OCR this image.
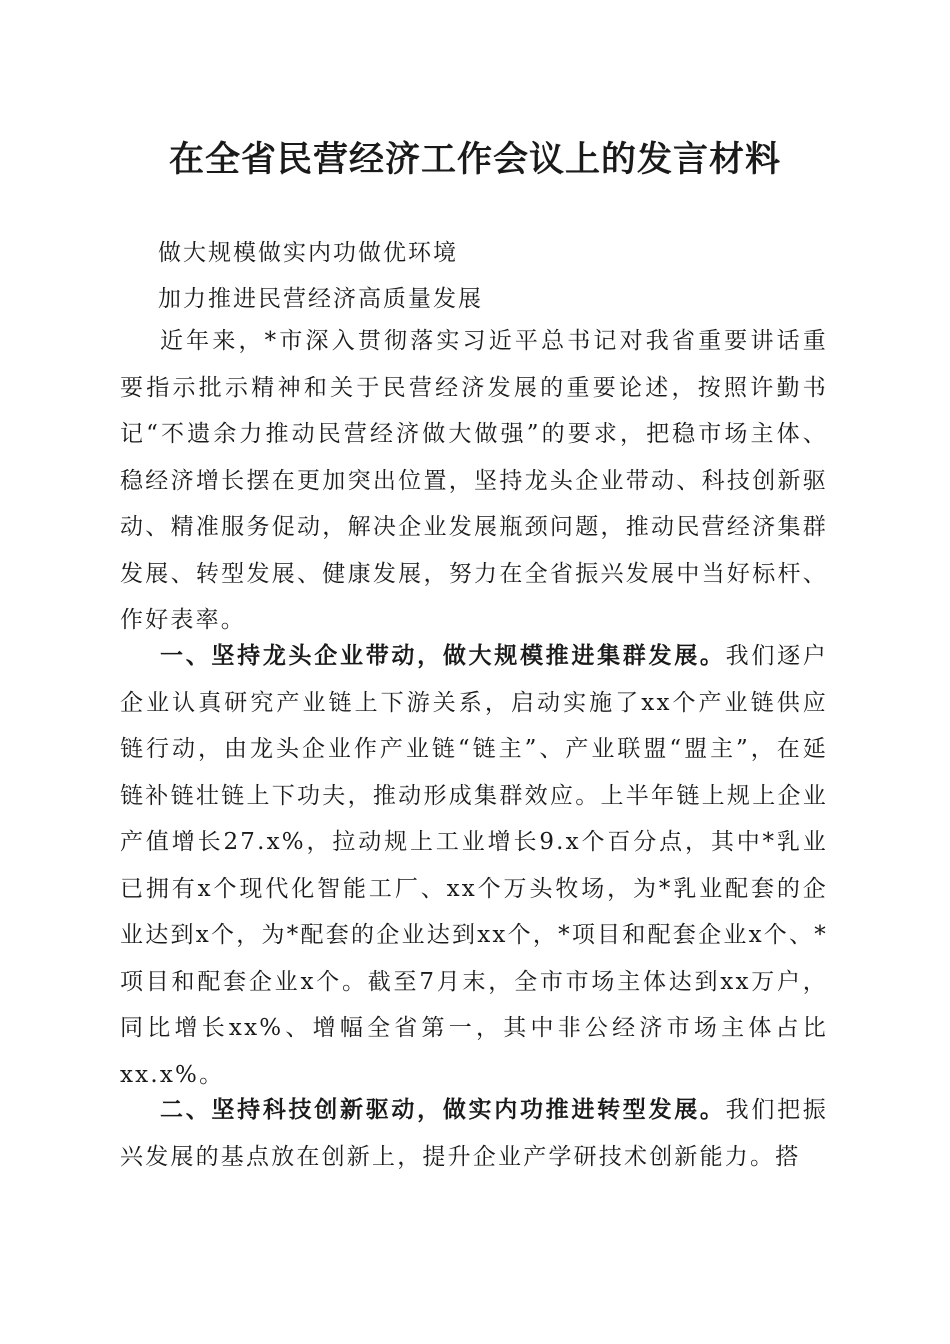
在全省民营经济工作会议上的发言材料

做大规模做实内功做优环境

加力推进民营经济高质量发展

近年来，*市深入贯彻落实习近平总书记对我省重要讲话重要指示批示精神和关于民营经济发展的重要论述，按照许勤书记“不遗余力推动民营经济做大做强”的要求，把稳市场主体、稳经济增长摆在更加突出位置，坚持龙头企业带动、科技创新驱动、精准服务促动，解决企业发展瓶颈问题，推动民营经济集群发展、转型发展、健康发展，努力在全省振兴发展中当好标杆、作好表率。

一、坚持龙头企业带动，做大规模推进集群发展。我们逐户企业认真研究产业链上下游关系，启动实施了xx个产业链供应链行动，由龙头企业作产业链“链主”、产业联盟“盟主”，在延链补链壮链上下功夫，推动形成集群效应。上半年链上规上企业产值增长27.x%，拉动规上工业增长9.x个百分点，其中*乳业已拥有x个现代化智能工厂、xx个万头牧场，为*乳业配套的企业达到x个，为*配套的企业达到xx个，*项目和配套企业x个、*项目和配套企业x个。截至7月末，全市市场主体达到xx万户，同比增长xx%、增幅全省第一，其中非公经济市场主体占比xx.x%。

二、坚持科技创新驱动，做实内功推进转型发展。我们把振兴发展的基点放在创新上，提升企业产学研技术创新能力。搭
